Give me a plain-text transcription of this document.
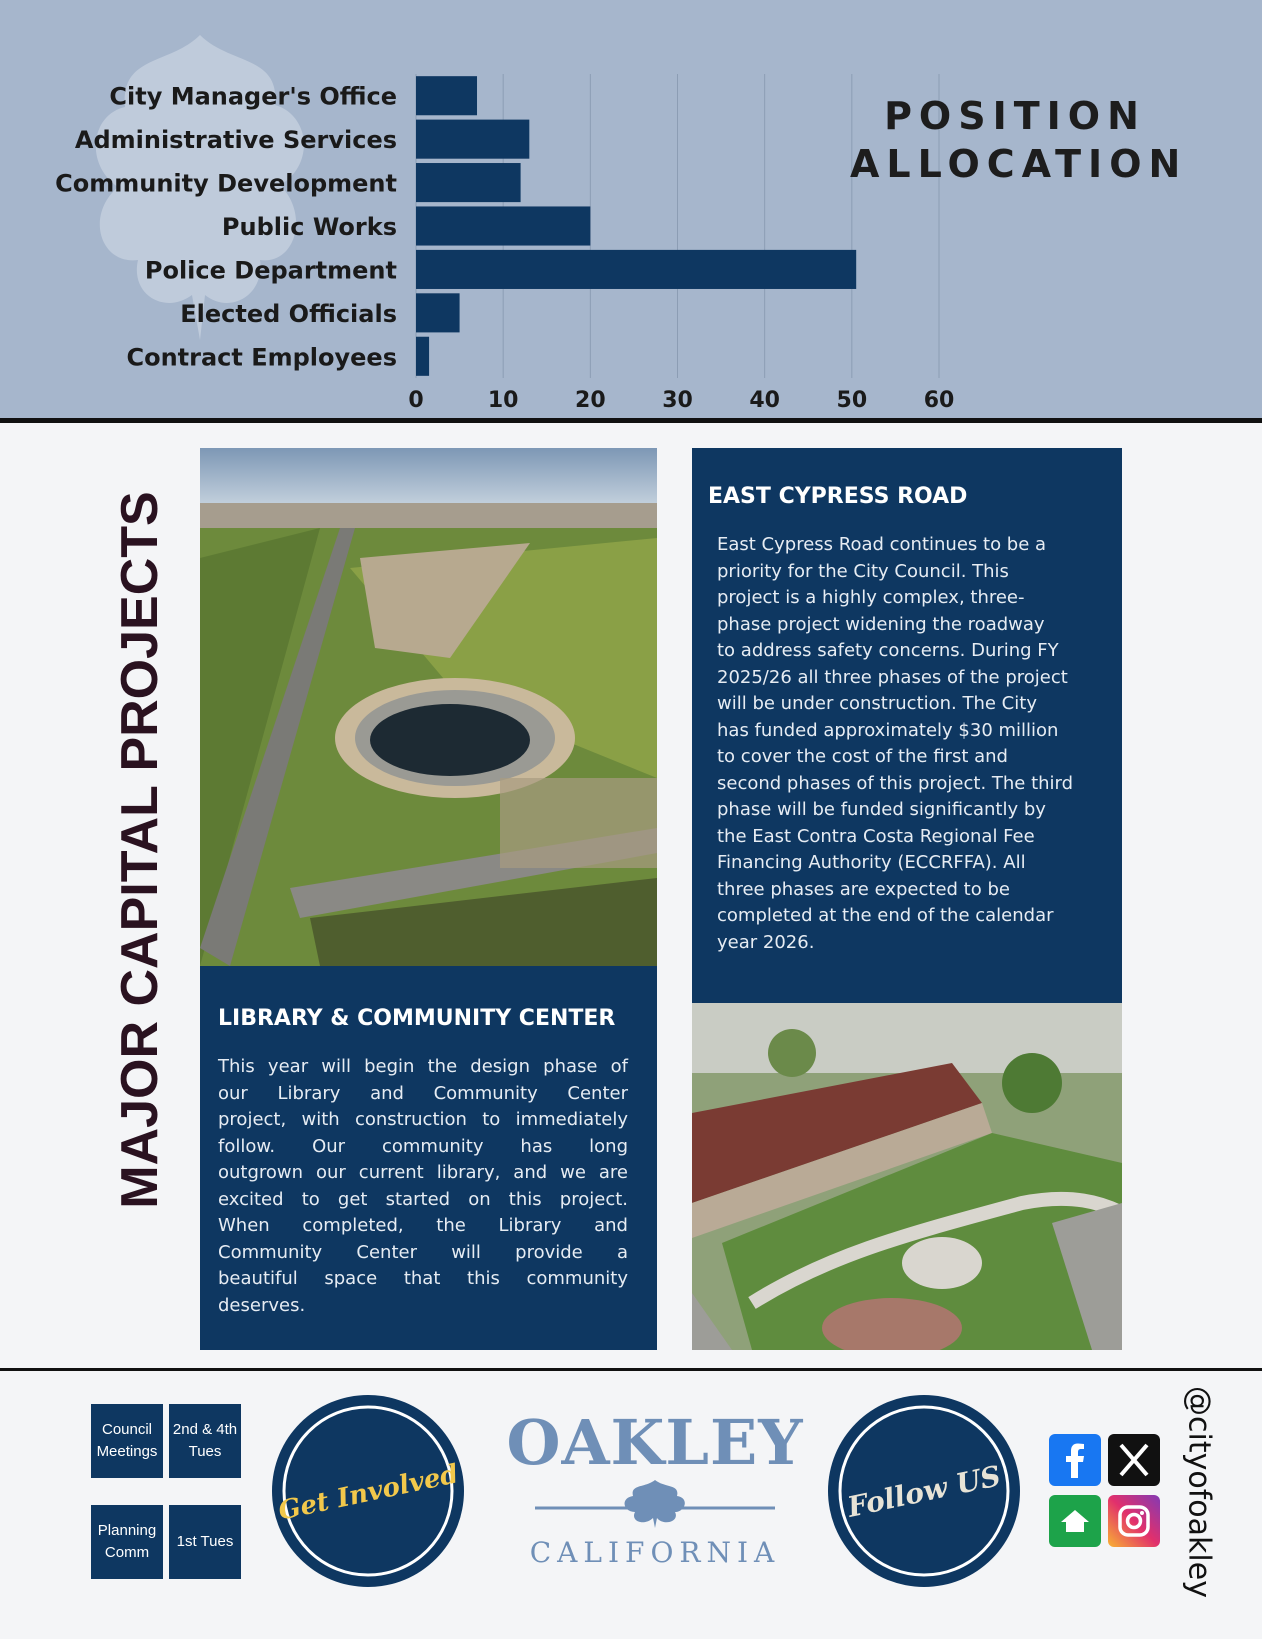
0	10	20	30	40	50	60
City Manager's Office
Administrative Services
Community Development
Public Works
Police Department
Elected Officials
Contract Employees
POSITION
ALLOCATION
MAJOR CAPITAL PROJECTS LIBRARY & COMMUNITY CENTER

This year will begin the design phase of

our Library and Community Center

project, with construction to immediately

follow. Our community has long

outgrown our current library, and we are

excited to get started on this project.

When completed, the Library and

Community Center will provide a

beautiful space that this community

deserves.

EAST CYPRESS ROAD

East Cypress Road continues to be a

priority for the City Council. This

project is a highly complex, three-

phase project widening the roadway

to address safety concerns. During FY

2025/26 all three phases of the project

will be under construction. The City

has funded approximately $30 million

to cover the cost of the first and

second phases of this project. The third

phase will be funded significantly by

the East Contra Costa Regional Fee

Financing Authority (ECCRFFA). All

three phases are expected to be

completed at the end of the calendar

year 2026.

Council Meetings
2nd & 4th Tues
Planning Comm
1st Tues
Get Involved
OAKLEY
CALIFORNIA
Follow US	@cityofoakley
